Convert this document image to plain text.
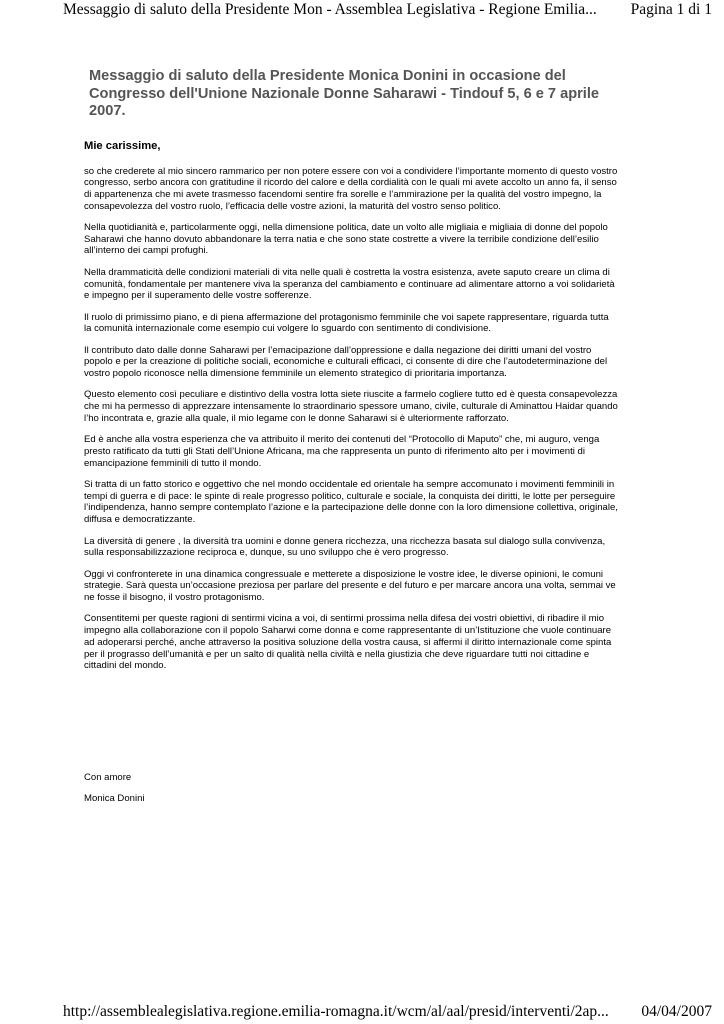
Messaggio di saluto della Presidente Mon - Assemblea Legislativa - Regione Emilia... Pagina 1 di 1
Messaggio di saluto della Presidente Monica Donini in occasione del Congresso dell'Unione Nazionale Donne Saharawi - Tindouf 5, 6 e 7 aprile 2007.

Mie carissime,

so che crederete al mio sincero rammarico per non potere essere con voi a condividere l’importante momento di questo vostro congresso, serbo ancora con gratitudine il ricordo del calore e della cordialità con le quali mi avete accolto un anno fa, il senso di appartenenza che mi avete trasmesso facendomi sentire fra sorelle e l’ammirazione per la qualità del vostro impegno, la consapevolezza del vostro ruolo, l’efficacia delle vostre azioni, la maturità del vostro senso politico.

Nella quotidianità e, particolarmente oggi, nella dimensione politica, date un volto alle migliaia e migliaia di donne del popolo Saharawi che hanno dovuto abbandonare la terra natia e che sono state costrette a vivere la terribile condizione dell’esilio all’interno dei campi profughi.

Nella drammaticità delle condizioni materiali di vita nelle quali è costretta la vostra esistenza, avete saputo creare un clima di comunità, fondamentale per mantenere viva la speranza del cambiamento e continuare ad alimentare attorno a voi solidarietà e impegno per il superamento delle vostre sofferenze.

Il ruolo di primissimo piano, e di piena affermazione del protagonismo femminile che voi sapete rappresentare, riguarda tutta la comunità internazionale come esempio cui volgere lo sguardo con sentimento di condivisione.

Il contributo dato dalle donne Saharawi per l’emacipazione dall’oppressione e dalla negazione dei diritti umani del vostro popolo e per la creazione di politiche sociali, economiche e culturali efficaci, ci consente di dire che l’autodeterminazione del vostro popolo riconosce nella dimensione femminile un elemento strategico di prioritaria importanza.

Questo elemento così peculiare e distintivo della vostra lotta siete riuscite a farmelo cogliere tutto ed è questa consapevolezza che mi ha permesso di apprezzare intensamente lo straordinario spessore umano, civile, culturale di Aminattou Haidar quando l’ho incontrata e, grazie alla quale, il mio legame con le donne Saharawi si è ulteriormente rafforzato.

Ed è anche alla vostra esperienza che va attribuito il merito dei contenuti del “Protocollo di Maputo” che, mi auguro, venga presto ratificato da tutti gli Stati dell’Unione Africana, ma che rappresenta un punto di riferimento alto per i movimenti di emancipazione femminili di tutto il mondo.

Si tratta di un fatto storico e oggettivo che nel mondo occidentale ed orientale ha sempre accomunato i movimenti femminili in tempi di guerra e di pace: le spinte di reale progresso politico, culturale e sociale, la conquista dei diritti, le lotte per perseguire l’indipendenza, hanno sempre contemplato l’azione e la partecipazione delle donne con la loro dimensione collettiva, originale, diffusa e democratizzante.

La diversità di genere , la diversità tra uomini e donne genera ricchezza, una ricchezza basata sul dialogo sulla convivenza, sulla responsabilizzazione reciproca e, dunque, su uno sviluppo che è vero progresso.

Oggi vi confronterete in una dinamica congressuale e metterete a disposizione le vostre idee, le diverse opinioni, le comuni strategie. Sarà questa un’occasione preziosa per parlare del presente e del futuro e per marcare ancora una volta, semmai ve ne fosse il bisogno, il vostro protagonismo.

Consentitemi per queste ragioni di sentirmi vicina a voi, di sentirmi prossima nella difesa dei vostri obiettivi, di ribadire il mio impegno alla collaborazione con il popolo Saharwi come donna e come rappresentante di un’Istituzione che vuole continuare ad adoperarsi perché, anche attraverso la positiva soluzione della vostra causa, si affermi il diritto internazionale come spinta per il prograsso dell’umanità e per un salto di qualità nella civiltà e nella giustizia che deve riguardare tutti noi cittadine e cittadini del mondo.

Con amore

Monica Donini

http://assemblealegislativa.regione.emilia-romagna.it/wcm/al/aal/presid/interventi/2ap... 04/04/2007
